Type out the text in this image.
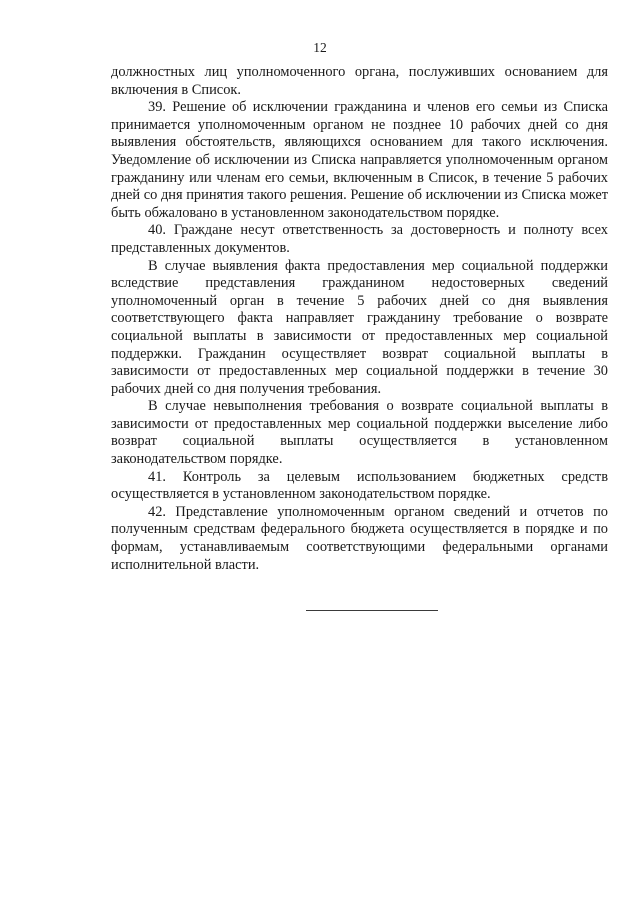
12

должностных лиц уполномоченного органа, послуживших основанием для включения в Список.

39. Решение об исключении гражданина и членов его семьи из Списка принимается уполномоченным органом не позднее 10 рабочих дней со дня выявления обстоятельств, являющихся основанием для такого исключения. Уведомление об исключении из Списка направляется уполномоченным органом гражданину или членам его семьи, включенным в Список, в течение 5 рабочих дней со дня принятия такого решения. Решение об исключении из Списка может быть обжаловано в установленном законодательством порядке.

40. Граждане несут ответственность за достоверность и полноту всех представленных документов.

В случае выявления факта предоставления мер социальной поддержки вследствие представления гражданином недостоверных сведений уполномоченный орган в течение 5 рабочих дней со дня выявления соответствующего факта направляет гражданину требование о возврате социальной выплаты в зависимости от предоставленных мер социальной поддержки. Гражданин осуществляет возврат социальной выплаты в зависимости от предоставленных мер социальной поддержки в течение 30 рабочих дней со дня получения требования.

В случае невыполнения требования о возврате социальной выплаты в зависимости от предоставленных мер социальной поддержки выселение либо возврат социальной выплаты осуществляется в установленном законодательством порядке.

41. Контроль за целевым использованием бюджетных средств осуществляется в установленном законодательством порядке.

42. Представление уполномоченным органом сведений и отчетов по полученным средствам федерального бюджета осуществляется в порядке и по формам, устанавливаемым соответствующими федеральными органами исполнительной власти.
